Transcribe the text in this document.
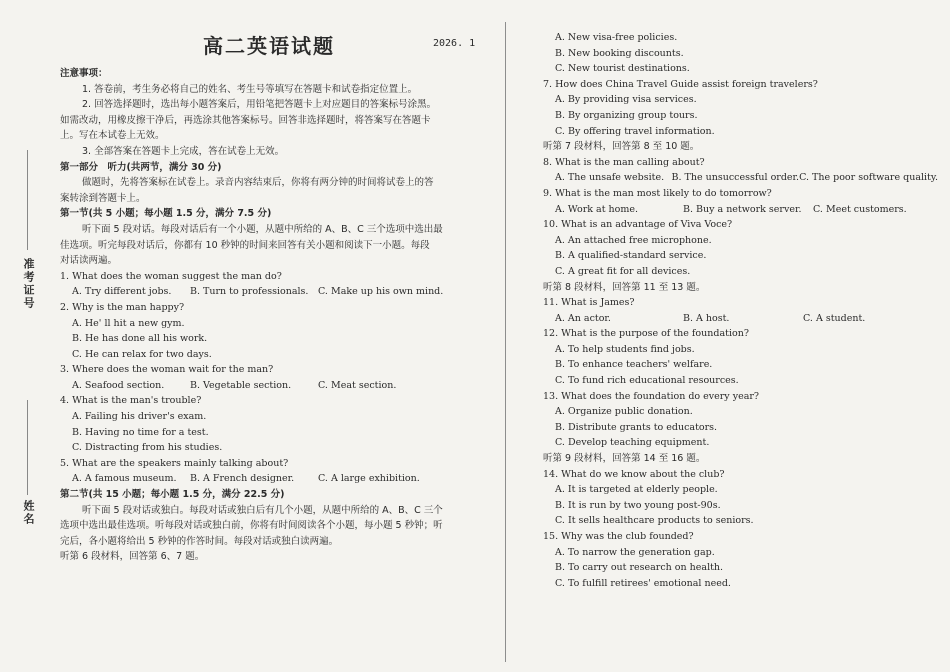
准考证号
姓名
高二英语试题	2026. 1
注意事项：
1. 答卷前，考生务必将自己的姓名、考生号等填写在答题卡和试卷指定位置上。
2. 回答选择题时，选出每小题答案后，用铅笔把答题卡上对应题目的答案标号涂黑。
如需改动，用橡皮擦干净后，再选涂其他答案标号。回答非选择题时，将答案写在答题卡
上。写在本试卷上无效。
3. 全部答案在答题卡上完成，答在试卷上无效。
第一部分　听力(共两节，满分 30 分)
做题时，先将答案标在试卷上。录音内容结束后，你将有两分钟的时间将试卷上的答
案转涂到答题卡上。
第一节(共 5 小题；每小题 1.5 分，满分 7.5 分)
听下面 5 段对话。每段对话后有一个小题，从题中所给的 A、B、C 三个选项中选出最
佳选项。听完每段对话后，你都有 10 秒钟的时间来回答有关小题和阅读下一小题。每段
对话读两遍。
1. What does the woman suggest the man do?
A. Try different jobs.	B. Turn to professionals.	C. Make up his own mind.
2. Why is the man happy?
A. He' ll hit a new gym.
B. He has done all his work.
C. He can relax for two days.
3. Where does the woman wait for the man?
A. Seafood section.	B. Vegetable section.	C. Meat section.
4. What is the man's trouble?
A. Failing his driver's exam.
B. Having no time for a test.
C. Distracting from his studies.
5. What are the speakers mainly talking about?
A. A famous museum.	B. A French designer.	C. A large exhibition.
第二节(共 15 小题；每小题 1.5 分，满分 22.5 分)
听下面 5 段对话或独白。每段对话或独白后有几个小题，从题中所给的 A、B、C 三个
选项中选出最佳选项。听每段对话或独白前，你将有时间阅读各个小题，每小题 5 秒钟；听
完后，各小题将给出 5 秒钟的作答时间。每段对话或独白读两遍。
听第 6 段材料，回答第 6、7 题。
A. New visa-free policies.
B. New booking discounts.
C. New tourist destinations.
7. How does China Travel Guide assist foreign travelers?
A. By providing visa services.
B. By organizing group tours.
C. By offering travel information.
听第 7 段材料，回答第 8 至 10 题。
8. What is the man calling about?
A. The unsafe website. B. The unsuccessful order. C. The poor software quality.
9. What is the man most likely to do tomorrow?
A. Work at home.	B. Buy a network server.	C. Meet customers.
10. What is an advantage of Viva Voce?
A. An attached free microphone.
B. A qualified-standard service.
C. A great fit for all devices.
听第 8 段材料，回答第 11 至 13 题。
11. What is James?
A. An actor.	B. A host.	C. A student.
12. What is the purpose of the foundation?
A. To help students find jobs.
B. To enhance teachers' welfare.
C. To fund rich educational resources.
13. What does the foundation do every year?
A. Organize public donation.
B. Distribute grants to educators.
C. Develop teaching equipment.
听第 9 段材料，回答第 14 至 16 题。
14. What do we know about the club?
A. It is targeted at elderly people.
B. It is run by two young post-90s.
C. It sells healthcare products to seniors.
15. Why was the club founded?
A. To narrow the generation gap.
B. To carry out research on health.
C. To fulfill retirees' emotional need.
